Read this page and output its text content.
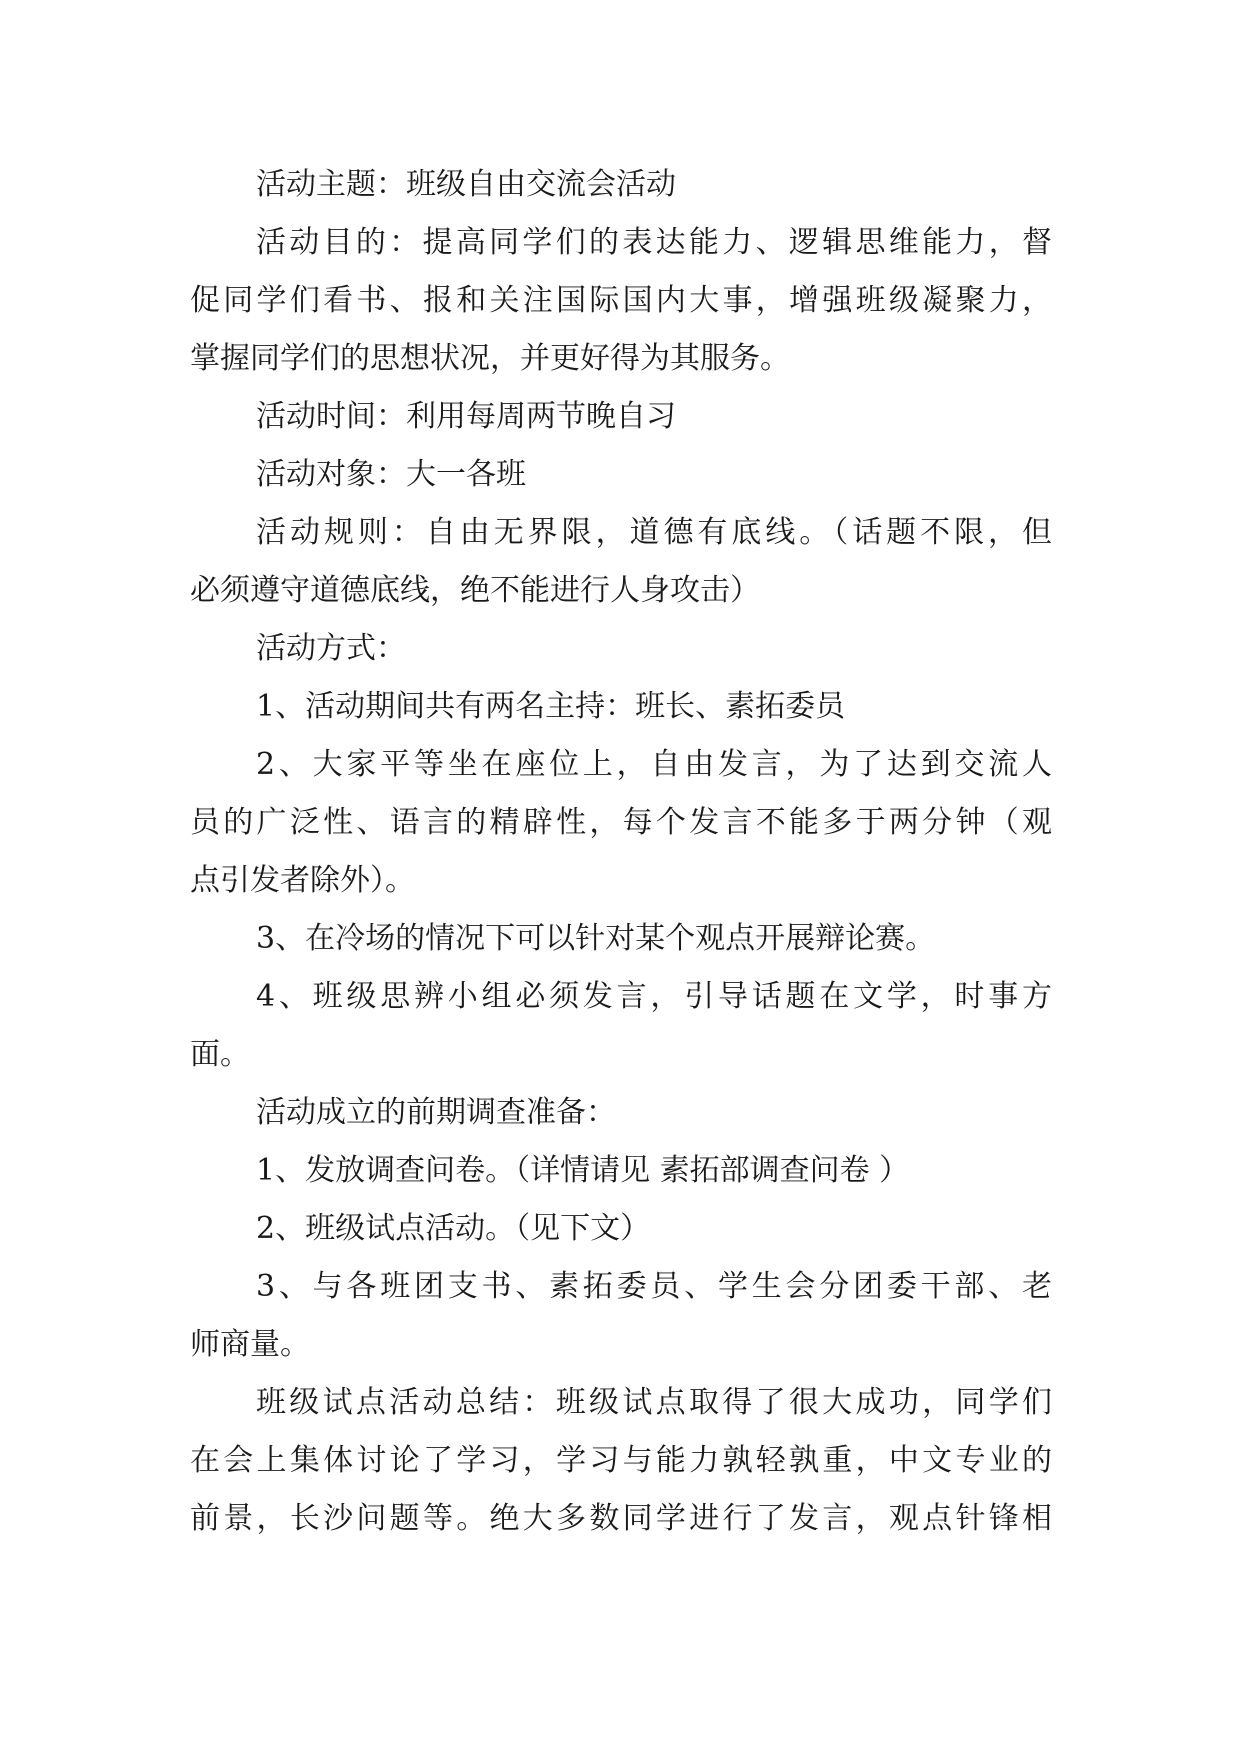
活动主题：班级自由交流会活动
活动目的：提高同学们的表达能力、逻辑思维能力，督
促同学们看书、报和关注国际国内大事，增强班级凝聚力，
掌握同学们的思想状况，并更好得为其服务。
活动时间：利用每周两节晚自习
活动对象：大一各班
活动规则：自由无界限，道德有底线。（话题不限，但
必须遵守道德底线，绝不能进行人身攻击）
活动方式：
1、活动期间共有两名主持：班长、素拓委员
2、大家平等坐在座位上，自由发言，为了达到交流人
员的广泛性、语言的精辟性，每个发言不能多于两分钟（观
点引发者除外）。
3、在冷场的情况下可以针对某个观点开展辩论赛。
4、班级思辨小组必须发言，引导话题在文学，时事方
面。
活动成立的前期调查准备：
1、发放调查问卷。（详情请见 素拓部调查问卷 ）
2、班级试点活动。（见下文）
3、与各班团支书、素拓委员、学生会分团委干部、老
师商量。
班级试点活动总结：班级试点取得了很大成功，同学们
在会上集体讨论了学习，学习与能力孰轻孰重，中文专业的
前景，长沙问题等。绝大多数同学进行了发言，观点针锋相
